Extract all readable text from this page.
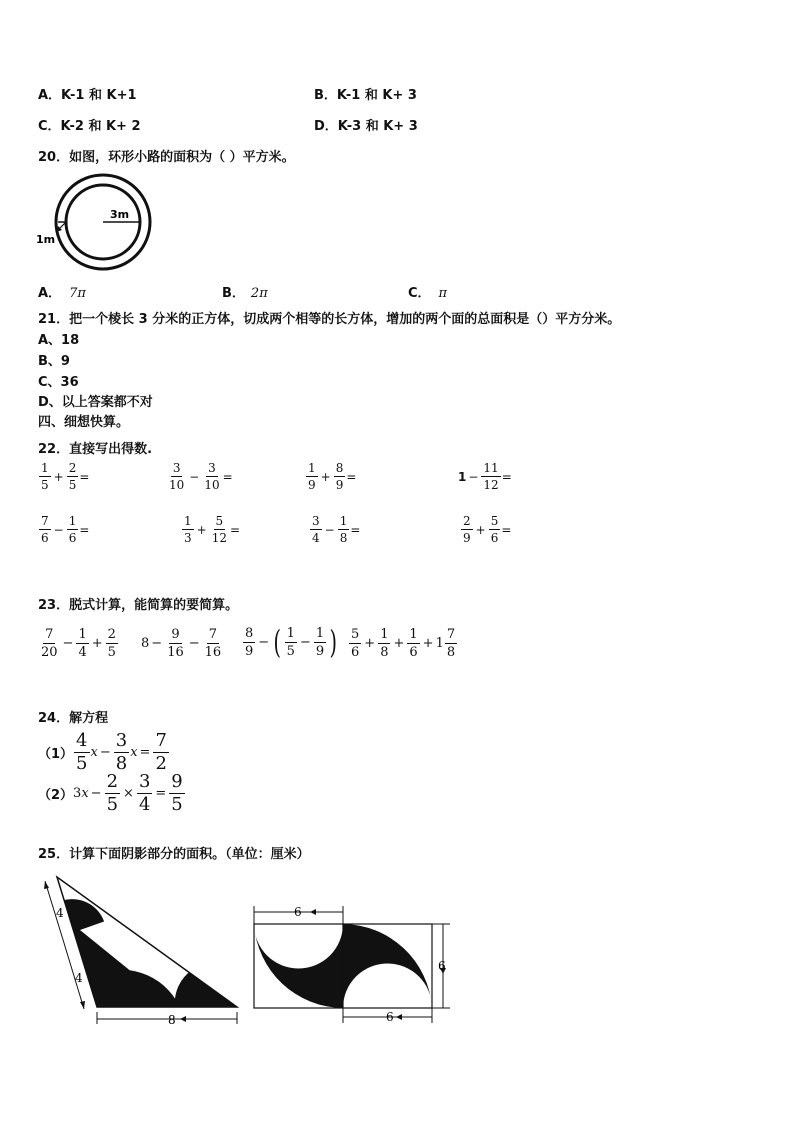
A．K-1 和 K+1	B．K-1 和 K+ 3
C．K-2 和 K+ 2	D．K-3 和 K+ 3
20．如图，环形小路的面积为（ ）平方米。
3m
1m
A． 7π	B． 2π	C． π
21．把一个棱长 3 分米的正方体，切成两个相等的长方体，增加的两个面的总面积是（）平方分米。
A、18
B、9
C、36
D、以上答案都不对
四、细想快算。
22．直接写出得数.
$\frac{1}{5} + \frac{2}{5}$ =	$\frac{3}{10} - \frac{3}{10}$ =	$\frac{1}{9} + \frac{8}{9}$ =	$1 - \frac{11}{12}$ =
$\frac{7}{6} - \frac{1}{6}$ =	$\frac{1}{3} + \frac{5}{12}$ =	$\frac{3}{4} - \frac{1}{8}$ =	$\frac{2}{9} + \frac{5}{6}$ =
23．脱式计算，能简算的要简算。
$\frac{7}{20} - \frac{1}{4} + \frac{2}{5} 8 - \frac{9}{16} - \frac{7}{16} \frac{8}{9}$ − ( $\frac{1}{5} - \frac{1}{9}$ ) $\frac{5}{6} + \frac{1}{8} + \frac{1}{6} + 1 \frac{7}{8}$
24．解方程
$(1) \frac{4}{5}$ $x - \frac{3}{8}$ $x = \frac{7}{2}$
（2） 3 $x - \frac{2}{5} \times \frac{3}{4} = \frac{9}{5}$
25．计算下面阴影部分的面积。（单位：厘米）
4
4
8
6
6
6
